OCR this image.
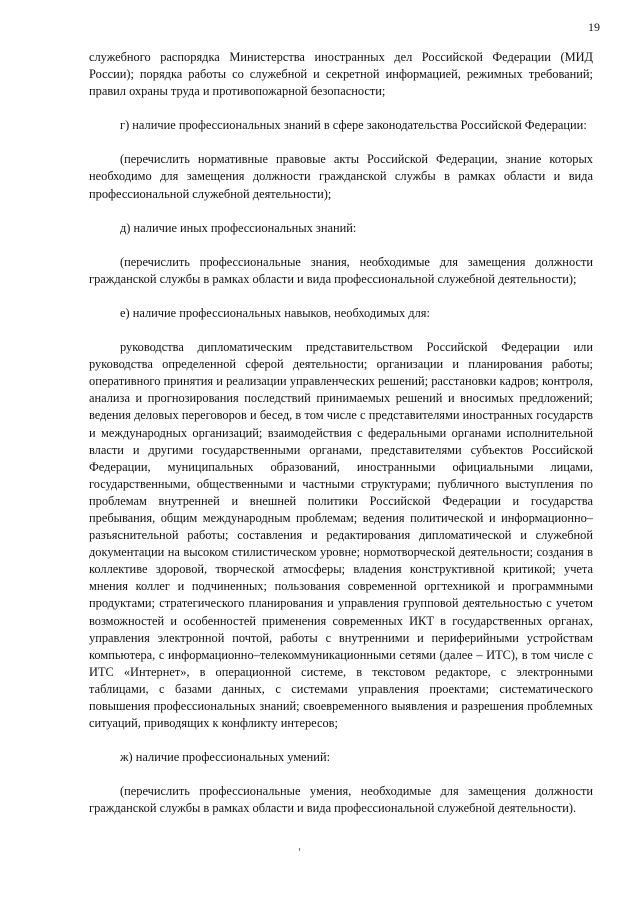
19

служебного распорядка Министерства иностранных дел Российской Федерации (МИД России); порядка работы со служебной и секретной информацией, режимных требований; правил охраны труда и противопожарной безопасности;

г) наличие профессиональных знаний в сфере законодательства Российской Федерации:

(перечислить нормативные правовые акты Российской Федерации, знание которых необходимо для замещения должности гражданской службы в рамках области и вида профессиональной служебной деятельности);

д) наличие иных профессиональных знаний:

(перечислить профессиональные знания, необходимые для замещения должности гражданской службы в рамках области и вида профессиональной служебной деятельности);

е) наличие профессиональных навыков, необходимых для:

руководства дипломатическим представительством Российской Федерации или руководства определенной сферой деятельности; организации и планирования работы; оперативного принятия и реализации управленческих решений; расстановки кадров; контроля, анализа и прогнозирования последствий принимаемых решений и вносимых предложений; ведения деловых переговоров и бесед, в том числе с представителями иностранных государств и международных организаций; взаимодействия с федеральными органами исполнительной власти и другими государственными органами, представителями субъектов Российской Федерации, муниципальных образований, иностранными официальными лицами, государственными, общественными и частными структурами; публичного выступления по проблемам внутренней и внешней политики Российской Федерации и государства пребывания, общим международным проблемам; ведения политической и информационно–разъяснительной работы; составления и редактирования дипломатической и служебной документации на высоком стилистическом уровне; нормотворческой деятельности; создания в коллективе здоровой, творческой атмосферы; владения конструктивной критикой; учета мнения коллег и подчиненных; пользования современной оргтехникой и программными продуктами; стратегического планирования и управления групповой деятельностью с учетом возможностей и особенностей применения современных ИКТ в государственных органах, управления электронной почтой, работы с внутренними и периферийными устройствам компьютера, с информационно–телекоммуникационными сетями (далее – ИТС), в том числе с ИТС «Интернет», в операционной системе, в текстовом редакторе, с электронными таблицами, с базами данных, с системами управления проектами; систематического повышения профессиональных знаний; своевременного выявления и разрешения проблемных ситуаций, приводящих к конфликту интересов;

ж) наличие профессиональных умений:

(перечислить профессиональные умения, необходимые для замещения должности гражданской службы в рамках области и вида профессиональной служебной деятельности).
